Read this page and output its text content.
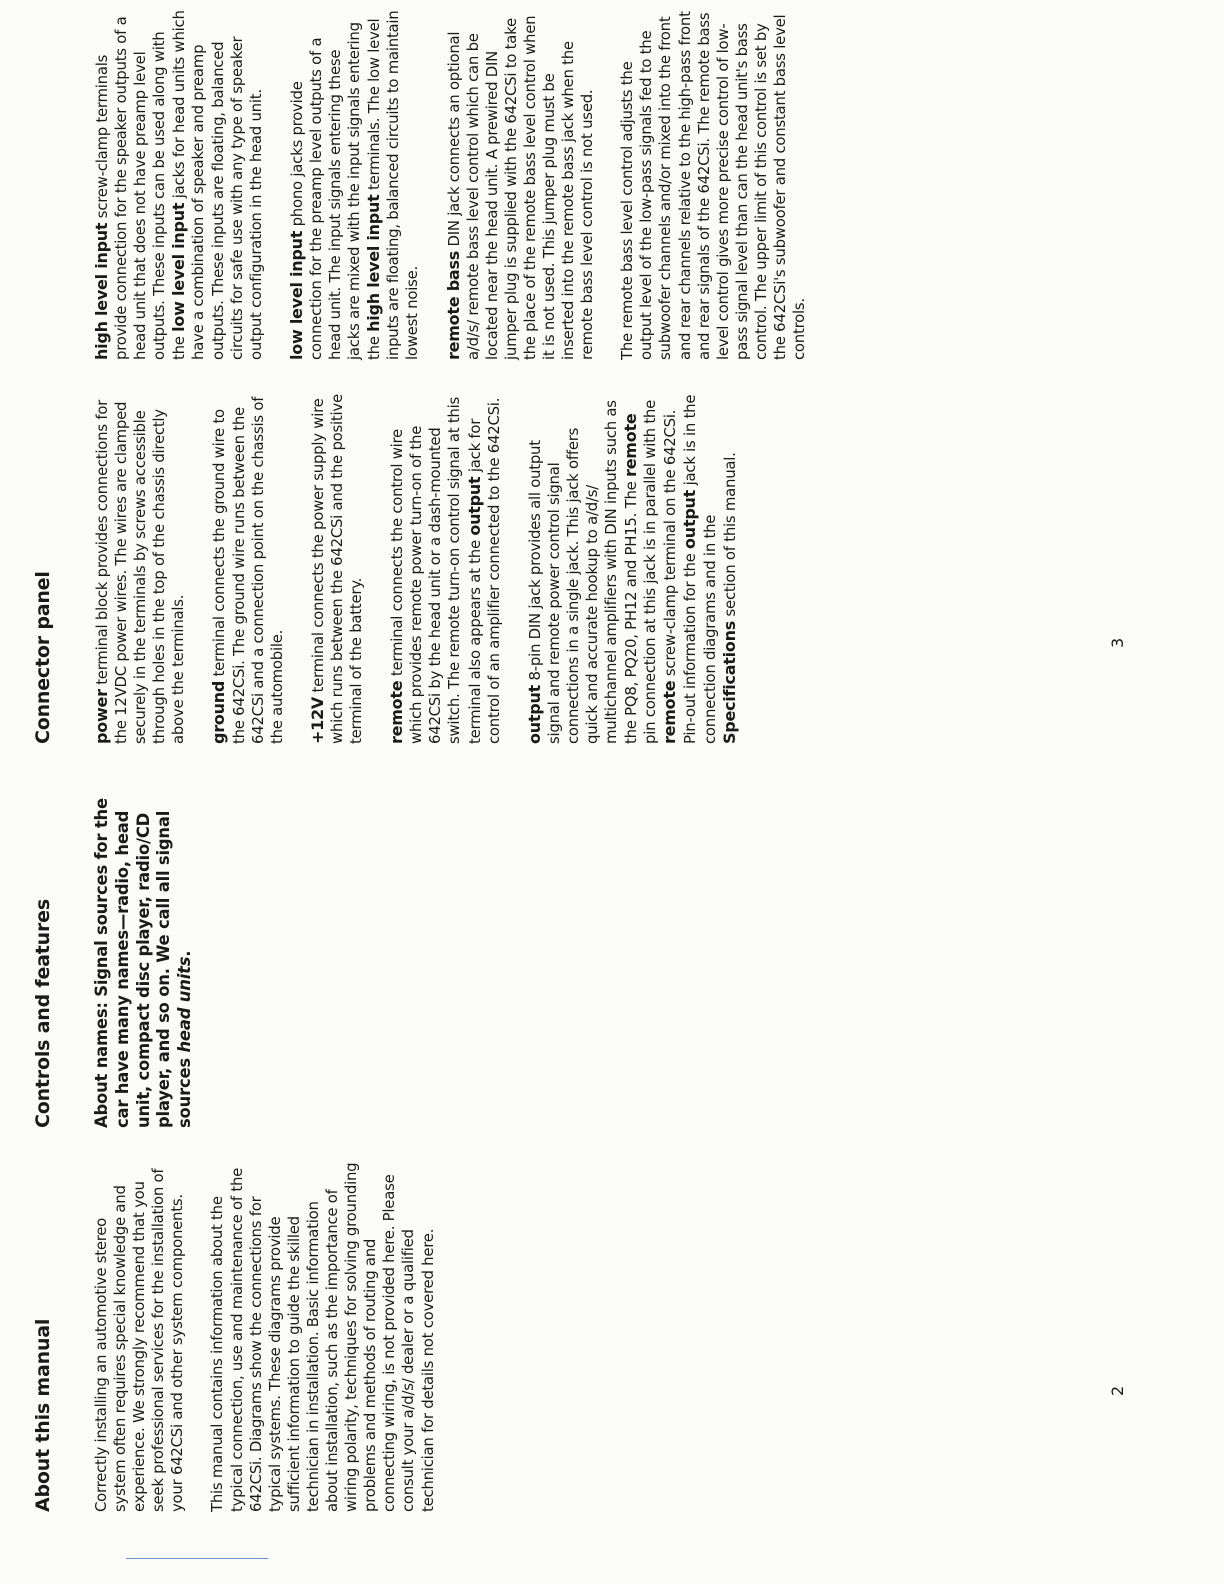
About this manual
Controls and features
Connector panel

Correctly installing an automotive stereo system often requires special knowledge and experience. We strongly recommend that you seek professional services for the installation of your 642CSi and other system components. This manual contains information about the typical connection, use and maintenance of the 642CSi. Diagrams show the connections for typical systems. These diagrams provide sufficient information to guide the skilled technician in installation. Basic information about installation, such as the importance of wiring polarity, techniques for solving grounding problems and methods of routing and connecting wiring, is not provided here. Please consult your a/d/s/ dealer or a qualified technician for details not covered here.

About names: Signal sources for the car have many names—radio, head unit, compact disc player, radio/CD player, and so on. We call all signal sources head units.

power terminal block provides connections for the 12VDC power wires. The wires are clamped securely in the terminals by screws accessible through holes in the top of the chassis directly above the terminals. ground terminal connects the ground wire to the 642CSi. The ground wire runs between the 642CSi and a connection point on the chassis of the automobile. +12V terminal connects the power supply wire which runs between the 642CSi and the positive terminal of the battery. remote terminal connects the control wire which provides remote power turn-on of the 642CSi by the head unit or a dash-mounted switch. The remote turn-on control signal at this terminal also appears at the output jack for control of an amplifier connected to the 642CSi. output 8-pin DIN jack provides all output signal and remote power control signal connections in a single jack. This jack offers quick and accurate hookup to a/d/s/ multichannel amplifiers with DIN inputs such as the PQ8, PQ20, PH12 and PH15. The remote pin connection at this jack is in parallel with the remote screw-clamp terminal on the 642CSi. Pin-out information for the output jack is in the connection diagrams and in the Specifications section of this manual.

high level input screw-clamp terminals provide connection for the speaker outputs of a head unit that does not have preamp level outputs. These inputs can be used along with the low level input jacks for head units which have a combination of speaker and preamp outputs. These inputs are floating, balanced circuits for safe use with any type of speaker output configuration in the head unit. low level input phono jacks provide connection for the preamp level outputs of a head unit. The input signals entering these jacks are mixed with the input signals entering the high level input terminals. The low level inputs are floating, balanced circuits to maintain lowest noise. remote bass DIN jack connects an optional a/d/s/ remote bass level control which can be located near the head unit. A prewired DIN jumper plug is supplied with the 642CSi to take the place of the remote bass level control when it is not used. This jumper plug must be inserted into the remote bass jack when the remote bass level control is not used. The remote bass level control adjusts the output level of the low-pass signals fed to the subwoofer channels and/or mixed into the front and rear channels relative to the high-pass front and rear signals of the 642CSi. The remote bass level control gives more precise control of low-pass signal level than can the head unit's bass control. The upper limit of this control is set by the 642CSi's subwoofer and constant bass level controls.

2
3
